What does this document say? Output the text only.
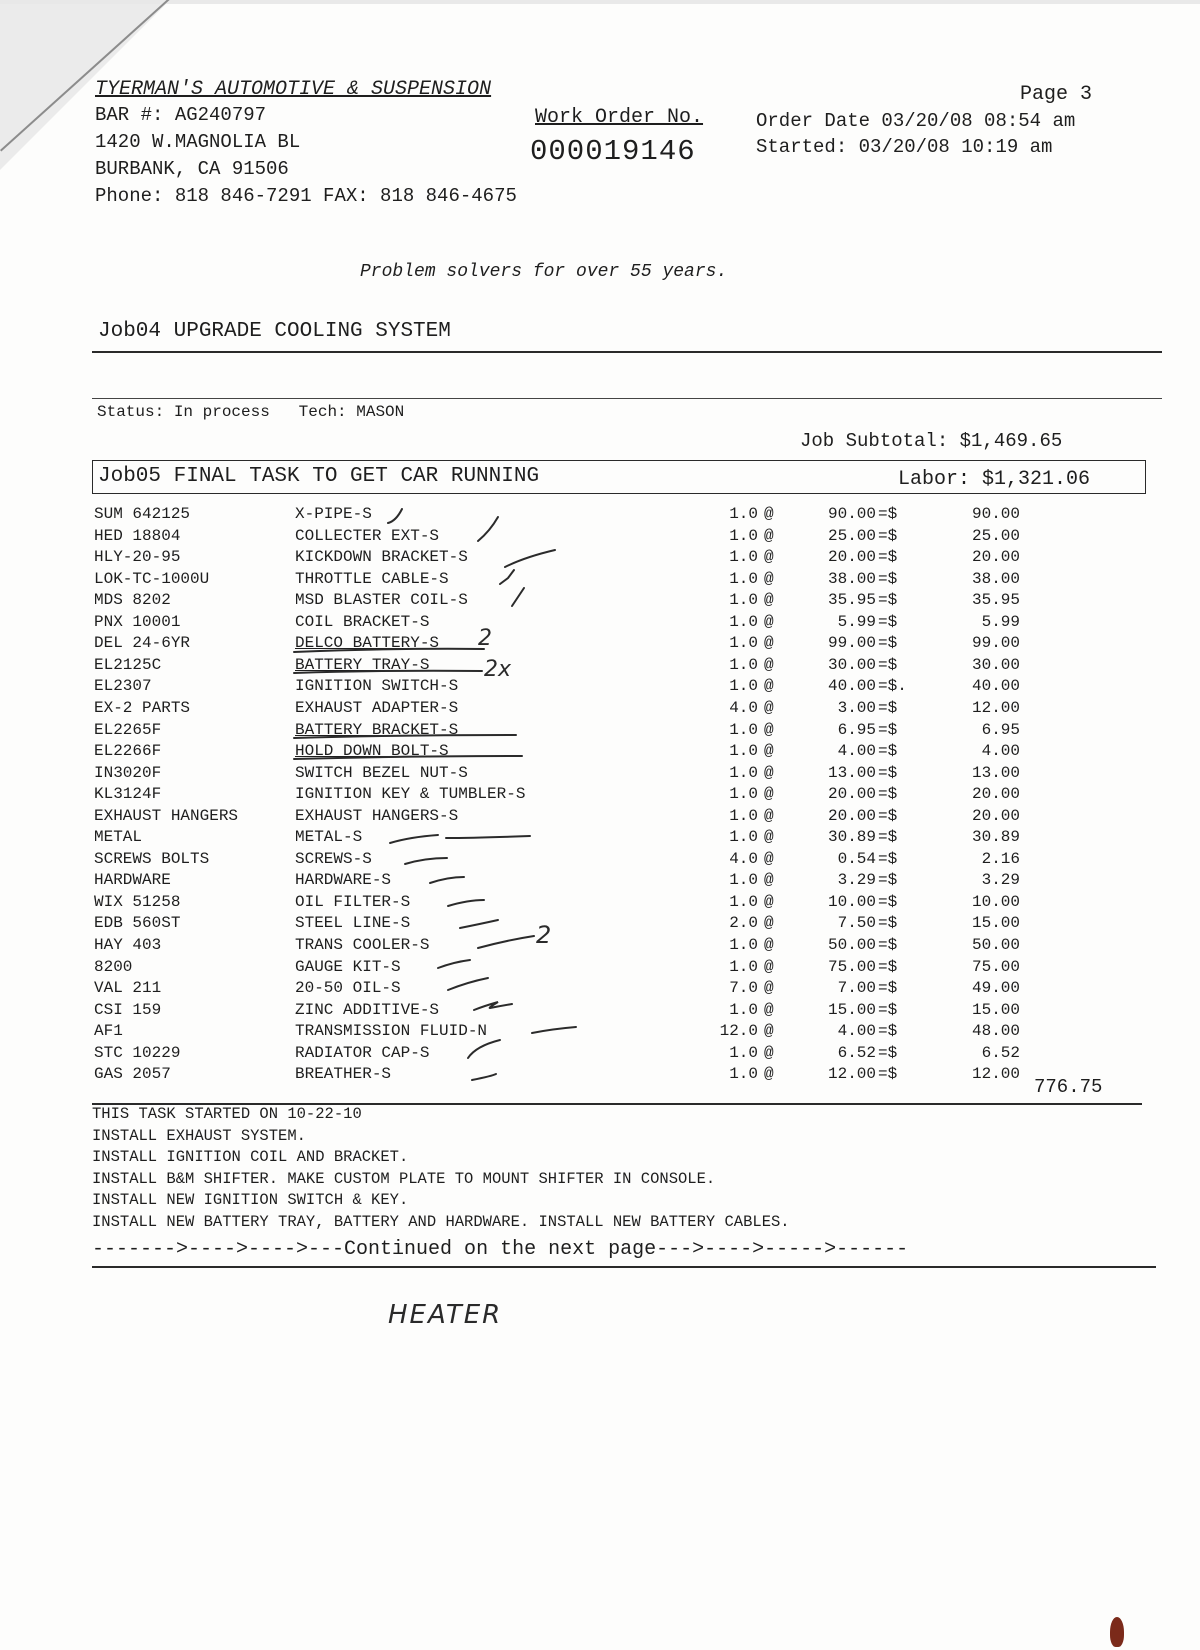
TYERMAN'S AUTOMOTIVE & SUSPENSION	Page 3
BAR #: AG240797
1420 W.MAGNOLIA BL
BURBANK, CA 91506
Phone: 818 846-7291 FAX: 818 846-4675
Work Order No.
000019146
Order Date 03/20/08 08:54 am
Started: 03/20/08 10:19 am
Problem solvers for over 55 years.
Job04 UPGRADE COOLING SYSTEM
Status: In process   Tech: MASON
Job Subtotal: $1,469.65
Job05 FINAL TASK TO GET CAR RUNNING	Labor: $1,321.06
SUM 642125	X-PIPE-S	1.0 @	90.00 =$	90.00
HED 18804	COLLECTER EXT-S	1.0 @	25.00 =$	25.00
HLY-20-95	KICKDOWN BRACKET-S	1.0 @	20.00 =$	20.00
LOK-TC-1000U	THROTTLE CABLE-S	1.0 @	38.00 =$	38.00
MDS 8202	MSD BLASTER COIL-S	1.0 @	35.95 =$	35.95
PNX 10001	COIL BRACKET-S	1.0 @	5.99 =$	5.99
DEL 24-6YR	DELCO BATTERY-S	1.0 @	99.00 =$	99.00
EL2125C	BATTERY TRAY-S	1.0 @	30.00 =$	30.00
EL2307	IGNITION SWITCH-S	1.0 @	40.00 =$.	40.00
EX-2 PARTS	EXHAUST ADAPTER-S	4.0 @	3.00 =$	12.00
EL2265F	BATTERY BRACKET-S	1.0 @	6.95 =$	6.95
EL2266F	HOLD DOWN BOLT-S	1.0 @	4.00 =$	4.00
IN3020F	SWITCH BEZEL NUT-S	1.0 @	13.00 =$	13.00
KL3124F	IGNITION KEY & TUMBLER-S	1.0 @	20.00 =$	20.00
EXHAUST HANGERS	EXHAUST HANGERS-S	1.0 @	20.00 =$	20.00
METAL	METAL-S	1.0 @	30.89 =$	30.89
SCREWS BOLTS	SCREWS-S	4.0 @	0.54 =$	2.16
HARDWARE	HARDWARE-S	1.0 @	3.29 =$	3.29
WIX 51258	OIL FILTER-S	1.0 @	10.00 =$	10.00
EDB 560ST	STEEL LINE-S	2.0 @	7.50 =$	15.00
HAY 403	TRANS COOLER-S	1.0 @	50.00 =$	50.00
8200	GAUGE KIT-S	1.0 @	75.00 =$	75.00
VAL 211	20-50 OIL-S	7.0 @	7.00 =$	49.00
CSI 159	ZINC ADDITIVE-S	1.0 @	15.00 =$	15.00
AF1	TRANSMISSION FLUID-N	12.0 @	4.00 =$	48.00
STC 10229	RADIATOR CAP-S	1.0 @	6.52 =$	6.52
GAS 2057	BREATHER-S	1.0 @	12.00 =$	12.00
776.75
THIS TASK STARTED ON 10-22-10
INSTALL EXHAUST SYSTEM.
INSTALL IGNITION COIL AND BRACKET.
INSTALL B&M SHIFTER. MAKE CUSTOM PLATE TO MOUNT SHIFTER IN CONSOLE.
INSTALL NEW IGNITION SWITCH & KEY.
INSTALL NEW BATTERY TRAY, BATTERY AND HARDWARE. INSTALL NEW BATTERY CABLES.
------->---->---->---Continued on the next page--->---->----->------
HEATER
2
2x
2
